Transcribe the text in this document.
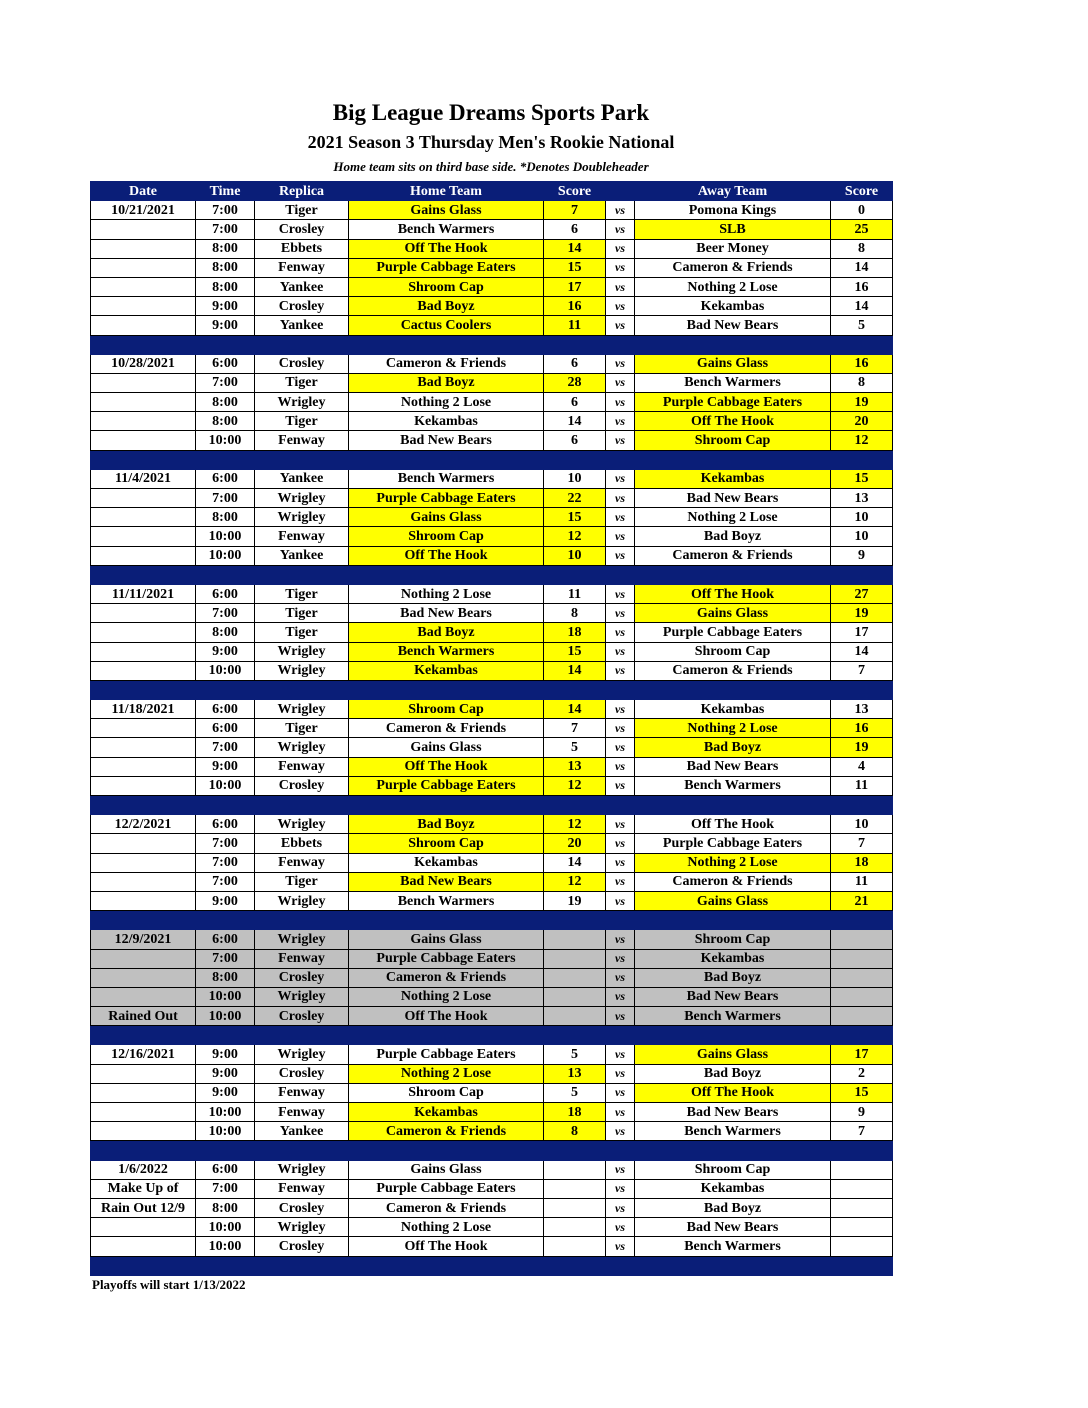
Big League Dreams Sports Park
2021 Season 3 Thursday Men's Rookie National
Home team sits on third base side. *Denotes Doubleheader
Date	Time	Replica	Home Team	Score		Away Team	Score
10/21/2021	7:00	Tiger	Gains Glass	7	vs	Pomona Kings	0
	7:00	Crosley	Bench Warmers	6	vs	SLB	25
	8:00	Ebbets	Off The Hook	14	vs	Beer Money	8
	8:00	Fenway	Purple Cabbage Eaters	15	vs	Cameron & Friends	14
	8:00	Yankee	Shroom Cap	17	vs	Nothing 2 Lose	16
	9:00	Crosley	Bad Boyz	16	vs	Kekambas	14
	9:00	Yankee	Cactus Coolers	11	vs	Bad New Bears	5

10/28/2021	6:00	Crosley	Cameron & Friends	6	vs	Gains Glass	16
	7:00	Tiger	Bad Boyz	28	vs	Bench Warmers	8
	8:00	Wrigley	Nothing 2 Lose	6	vs	Purple Cabbage Eaters	19
	8:00	Tiger	Kekambas	14	vs	Off The Hook	20
	10:00	Fenway	Bad New Bears	6	vs	Shroom Cap	12

11/4/2021	6:00	Yankee	Bench Warmers	10	vs	Kekambas	15
	7:00	Wrigley	Purple Cabbage Eaters	22	vs	Bad New Bears	13
	8:00	Wrigley	Gains Glass	15	vs	Nothing 2 Lose	10
	10:00	Fenway	Shroom Cap	12	vs	Bad Boyz	10
	10:00	Yankee	Off The Hook	10	vs	Cameron & Friends	9

11/11/2021	6:00	Tiger	Nothing 2 Lose	11	vs	Off The Hook	27
	7:00	Tiger	Bad New Bears	8	vs	Gains Glass	19
	8:00	Tiger	Bad Boyz	18	vs	Purple Cabbage Eaters	17
	9:00	Wrigley	Bench Warmers	15	vs	Shroom Cap	14
	10:00	Wrigley	Kekambas	14	vs	Cameron & Friends	7

11/18/2021	6:00	Wrigley	Shroom Cap	14	vs	Kekambas	13
	6:00	Tiger	Cameron & Friends	7	vs	Nothing 2 Lose	16
	7:00	Wrigley	Gains Glass	5	vs	Bad Boyz	19
	9:00	Fenway	Off The Hook	13	vs	Bad New Bears	4
	10:00	Crosley	Purple Cabbage Eaters	12	vs	Bench Warmers	11

12/2/2021	6:00	Wrigley	Bad Boyz	12	vs	Off The Hook	10
	7:00	Ebbets	Shroom Cap	20	vs	Purple Cabbage Eaters	7
	7:00	Fenway	Kekambas	14	vs	Nothing 2 Lose	18
	7:00	Tiger	Bad New Bears	12	vs	Cameron & Friends	11
	9:00	Wrigley	Bench Warmers	19	vs	Gains Glass	21

12/9/2021	6:00	Wrigley	Gains Glass		vs	Shroom Cap	
	7:00	Fenway	Purple Cabbage Eaters		vs	Kekambas	
	8:00	Crosley	Cameron & Friends		vs	Bad Boyz	
	10:00	Wrigley	Nothing 2 Lose		vs	Bad New Bears	
Rained Out	10:00	Crosley	Off The Hook		vs	Bench Warmers	

12/16/2021	9:00	Wrigley	Purple Cabbage Eaters	5	vs	Gains Glass	17
	9:00	Crosley	Nothing 2 Lose	13	vs	Bad Boyz	2
	9:00	Fenway	Shroom Cap	5	vs	Off The Hook	15
	10:00	Fenway	Kekambas	18	vs	Bad New Bears	9
	10:00	Yankee	Cameron & Friends	8	vs	Bench Warmers	7

1/6/2022	6:00	Wrigley	Gains Glass		vs	Shroom Cap	
Make Up of	7:00	Fenway	Purple Cabbage Eaters		vs	Kekambas	
Rain Out 12/9	8:00	Crosley	Cameron & Friends		vs	Bad Boyz	
	10:00	Wrigley	Nothing 2 Lose		vs	Bad New Bears	
	10:00	Crosley	Off The Hook		vs	Bench Warmers	

Playoffs will start 1/13/2022
